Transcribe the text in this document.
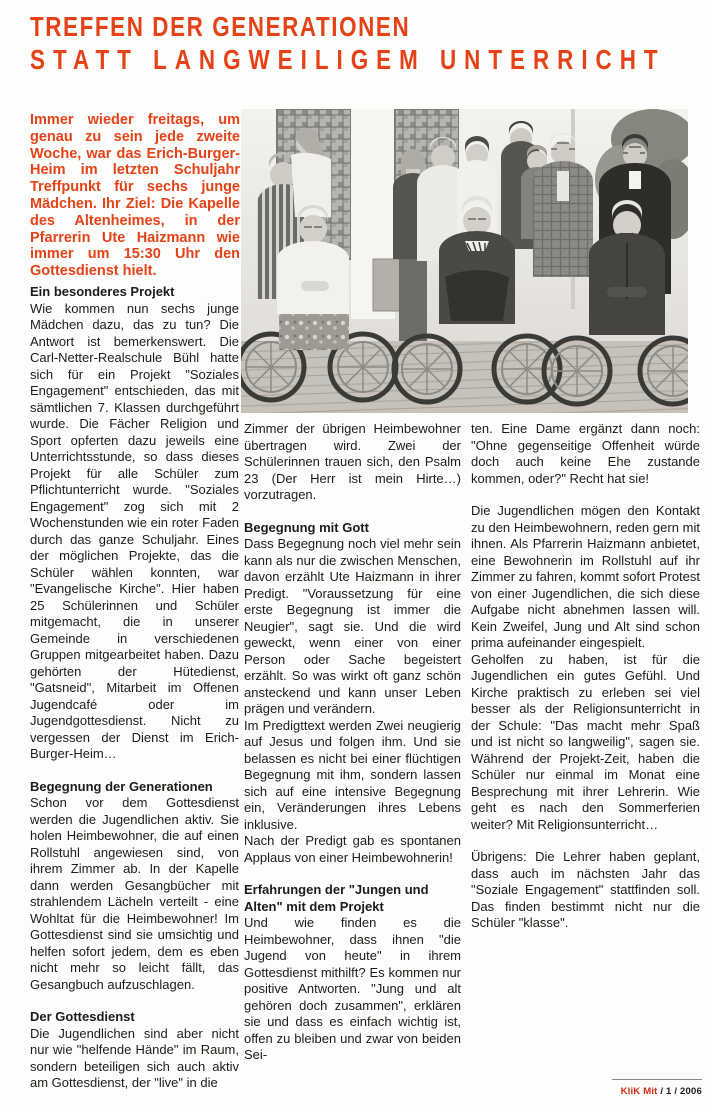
TREFFEN DER GENERATIONEN
STATT LANGWEILIGEM UNTERRICHT
Immer wieder freitags, um genau zu sein jede zweite Woche, war das Erich-Burger-Heim im letzten Schuljahr Treffpunkt für sechs junge Mädchen. Ihr Ziel: Die Kapelle des Altenheimes, in der Pfarrerin Ute Haizmann wie immer um 15:30 Uhr den Gottesdienst hielt.
Ein besonderes Projekt

Wie kommen nun sechs junge Mädchen dazu, das zu tun? Die Antwort ist bemerkenswert. Die Carl-Netter-Realschule Bühl hatte sich für ein Projekt "Soziales Engagement" entschieden, das mit sämtlichen 7. Klassen durchgeführt wurde. Die Fächer Religion und Sport opferten dazu jeweils eine Unterrichtsstunde, so dass dieses Projekt für alle Schüler zum Pflichtunterricht wurde. "Soziales Engagement" zog sich mit 2 Wochenstunden wie ein roter Faden durch das ganze Schuljahr. Eines der möglichen Projekte, das die Schüler wählen konnten, war "Evangelische Kirche". Hier haben 25 Schülerinnen und Schüler mitgemacht, die in unserer Gemeinde in verschiedenen Gruppen mitgearbeitet haben. Dazu gehörten der Hütedienst, "Gatsneid", Mitarbeit im Offenen Jugendcafé oder im Jugendgottesdienst. Nicht zu vergessen der Dienst im Erich-Burger-Heim…

Begegnung der Generationen

Schon vor dem Gottesdienst werden die Jugendlichen aktiv. Sie holen Heimbewohner, die auf einen Rollstuhl angewiesen sind, von ihrem Zimmer ab. In der Kapelle dann werden Gesangbücher mit strahlendem Lächeln verteilt - eine Wohltat für die Heimbewohner! Im Gottesdienst sind sie umsichtig und helfen sofort jedem, dem es eben nicht mehr so leicht fällt, das Gesangbuch aufzuschlagen.

Der Gottesdienst

Die Jugendlichen sind aber nicht nur wie "helfende Hände" im Raum, sondern beteiligen sich auch aktiv am Gottesdienst, der "live" in die

Zimmer der übrigen Heimbewohner übertragen wird. Zwei der Schülerinnen trauen sich, den Psalm 23 (Der Herr ist mein Hirte…) vorzutragen.

Begegnung mit Gott

Dass Begegnung noch viel mehr sein kann als nur die zwischen Menschen, davon erzählt Ute Haizmann in ihrer Predigt. "Voraussetzung für eine erste Begegnung ist immer die Neugier", sagt sie. Und die wird geweckt, wenn einer von einer Person oder Sache begeistert erzählt. So was wirkt oft ganz schön ansteckend und kann unser Leben prägen und verändern.

Im Predigttext werden Zwei neugierig auf Jesus und folgen ihm. Und sie belassen es nicht bei einer flüchtigen Begegnung mit ihm, sondern lassen sich auf eine intensive Begegnung ein, Veränderungen ihres Lebens inklusive.

Nach der Predigt gab es spontanen Applaus von einer Heimbewohnerin!

Erfahrungen der "Jungen und Alten" mit dem Projekt

Und wie finden es die Heimbewohner, dass ihnen "die Jugend von heute" in ihrem Gottesdienst mithilft? Es kommen nur positive Antworten. "Jung und alt gehören doch zusammen", erklären sie und dass es einfach wichtig ist, offen zu bleiben und zwar von beiden Sei-

ten. Eine Dame ergänzt dann noch: "Ohne gegenseitige Offenheit würde doch auch keine Ehe zustande kommen, oder?" Recht hat sie!

Die Jugendlichen mögen den Kontakt zu den Heimbewohnern, reden gern mit ihnen. Als Pfarrerin Haizmann anbietet, eine Bewohnerin im Rollstuhl auf ihr Zimmer zu fahren, kommt sofort Protest von einer Jugendlichen, die sich diese Aufgabe nicht abnehmen lassen will. Kein Zweifel, Jung und Alt sind schon prima aufeinander eingespielt.

Geholfen zu haben, ist für die Jugendlichen ein gutes Gefühl. Und Kirche praktisch zu erleben sei viel besser als der Religionsunterricht in der Schule: "Das macht mehr Spaß und ist nicht so langweilig", sagen sie. Während der Projekt-Zeit, haben die Schüler nur einmal im Monat eine Besprechung mit ihrer Lehrerin. Wie geht es nach den Sommerferien weiter? Mit Religionsunterricht…

Übrigens: Die Lehrer haben geplant, dass auch im nächsten Jahr das "Soziale Engagement" stattfinden soll. Das finden bestimmt nicht nur die Schüler "klasse".

KliK Mit / 1 / 2006
